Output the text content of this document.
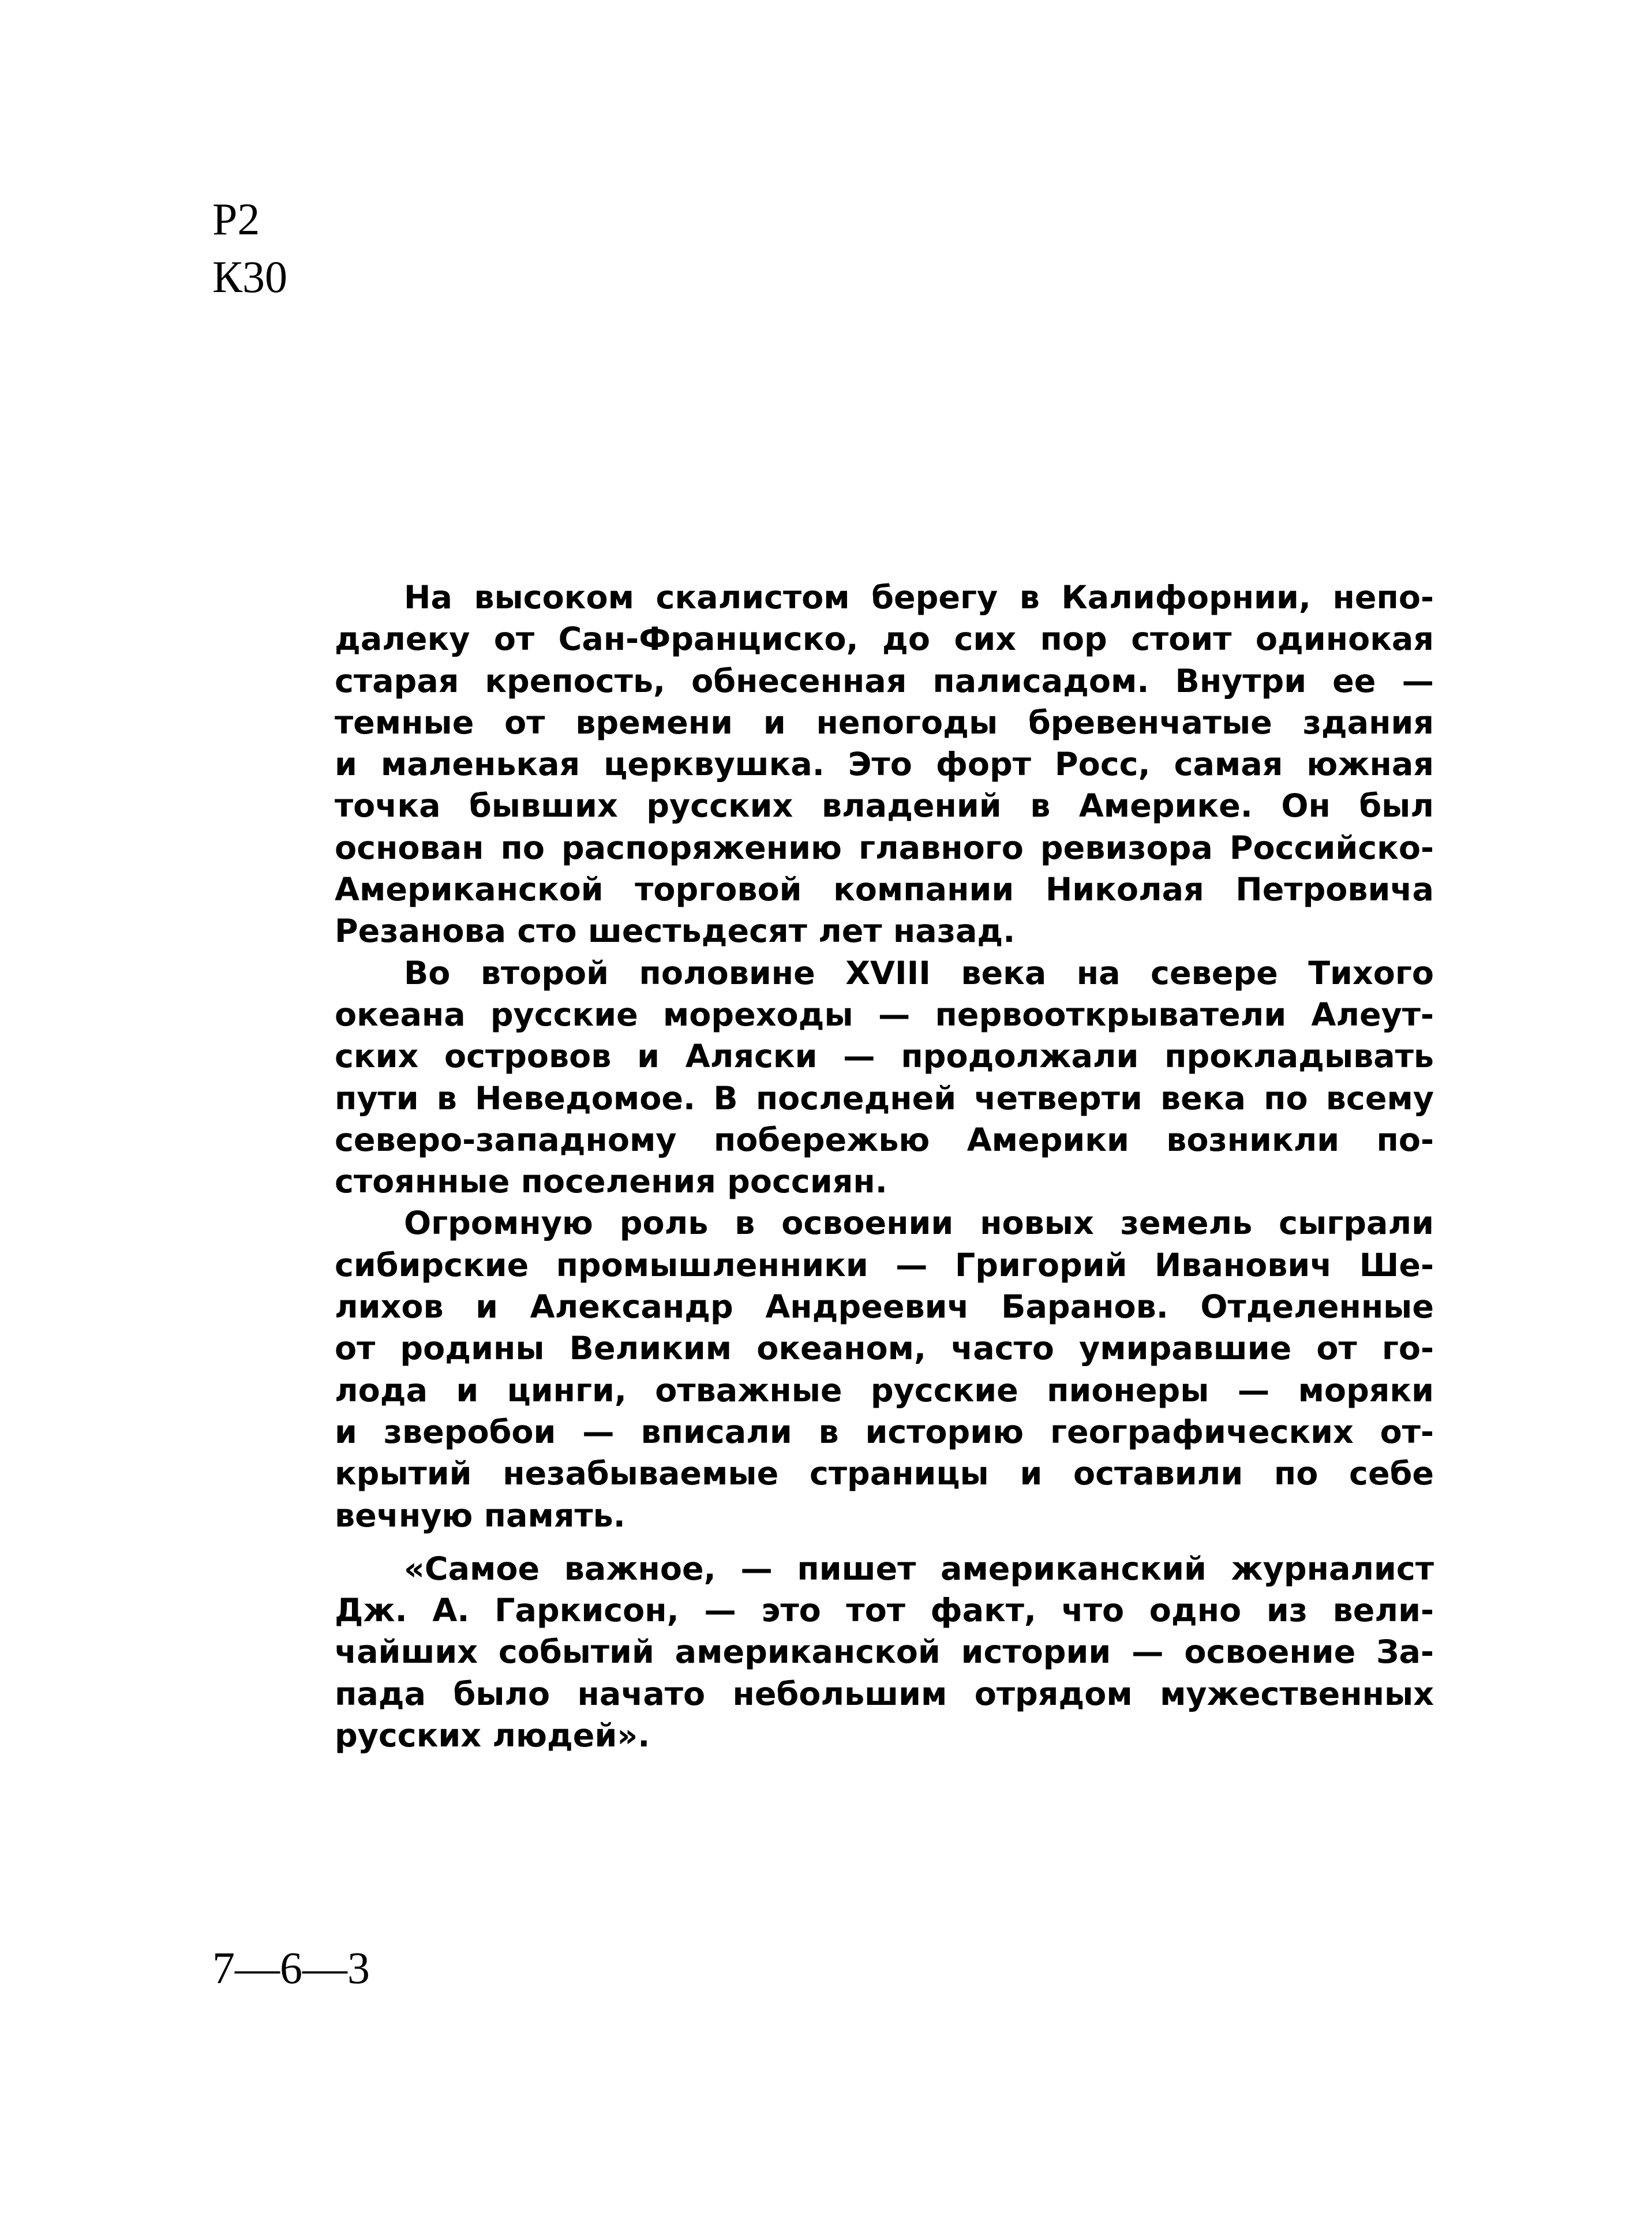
Р2
К30
На высоком скалистом берегу в Калифорнии, непо-
далеку от Сан-Франциско, до сих пор стоит одинокая
старая крепость, обнесенная палисадом. Внутри ее —
темные от времени и непогоды бревенчатые здания
и маленькая церквушка. Это форт Росс, самая южная
точка бывших русских владений в Америке. Он был
основан по распоряжению главного ревизора Российско-
Американской торговой компании Николая Петровича
Резанова сто шестьдесят лет назад.
Во второй половине XVIII века на севере Тихого
океана русские мореходы — первооткрыватели Алеут-
ских островов и Аляски — продолжали прокладывать
пути в Неведомое. В последней четверти века по всему
северо-западному побережью Америки возникли по-
стоянные поселения россиян.
Огромную роль в освоении новых земель сыграли
сибирские промышленники — Григорий Иванович Ше-
лихов и Александр Андреевич Баранов. Отделенные
от родины Великим океаном, часто умиравшие от го-
лода и цинги, отважные русские пионеры — моряки
и зверобои — вписали в историю географических от-
крытий незабываемые страницы и оставили по себе
вечную память.
«Самое важное, — пишет американский журналист
Дж. А. Гаркисон, — это тот факт, что одно из вели-
чайших событий американской истории — освоение За-
пада было начато небольшим отрядом мужественных
русских людей».
7—6—3
